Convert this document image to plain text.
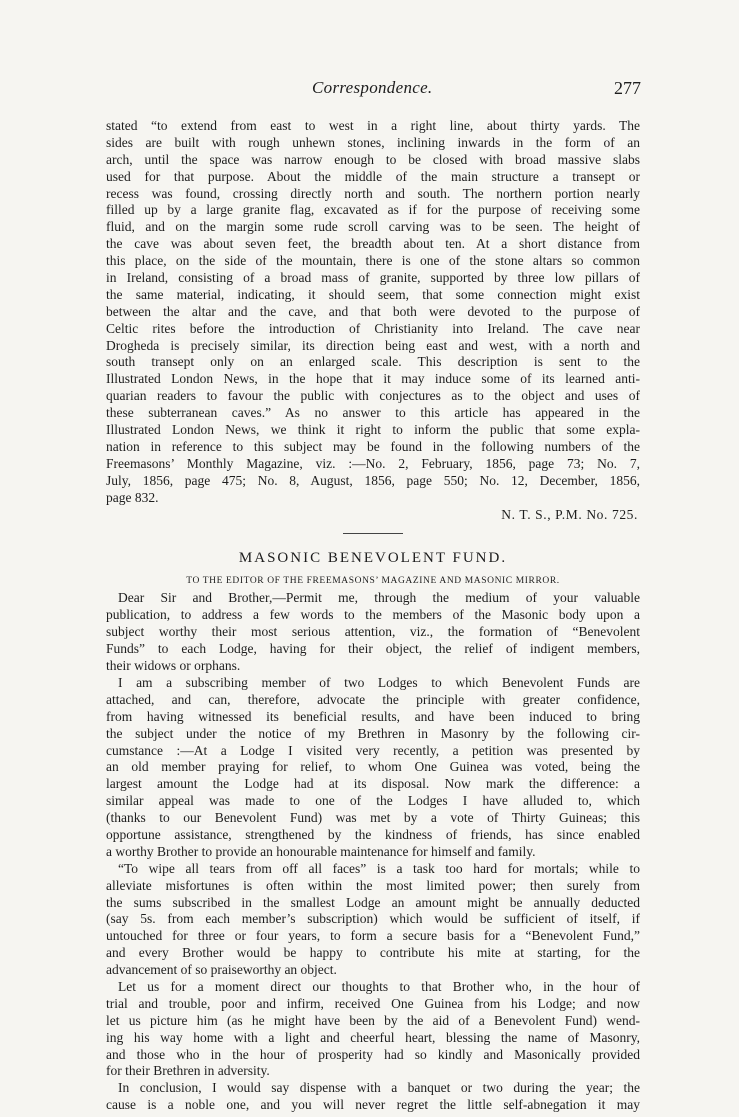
Correspondence.	277
stated “to extend from east to west in a right line, about thirty yards. The
sides are built with rough unhewn stones, inclining inwards in the form of an
arch, until the space was narrow enough to be closed with broad massive slabs
used for that purpose. About the middle of the main structure a transept or
recess was found, crossing directly north and south. The northern portion nearly
filled up by a large granite flag, excavated as if for the purpose of receiving some
fluid, and on the margin some rude scroll carving was to be seen. The height of
the cave was about seven feet, the breadth about ten. At a short distance from
this place, on the side of the mountain, there is one of the stone altars so common
in Ireland, consisting of a broad mass of granite, supported by three low pillars of
the same material, indicating, it should seem, that some connection might exist
between the altar and the cave, and that both were devoted to the purpose of
Celtic rites before the introduction of Christianity into Ireland. The cave near
Drogheda is precisely similar, its direction being east and west, with a north and
south transept only on an enlarged scale. This description is sent to the
Illustrated London News, in the hope that it may induce some of its learned anti-
quarian readers to favour the public with conjectures as to the object and uses of
these subterranean caves.” As no answer to this article has appeared in the
Illustrated London News, we think it right to inform the public that some expla-
nation in reference to this subject may be found in the following numbers of the
Freemasons’ Monthly Magazine, viz. :—No. 2, February, 1856, page 73; No. 7,
July, 1856, page 475; No. 8, August, 1856, page 550; No. 12, December, 1856,
page 832.
N. T. S., P.M. No. 725.
MASONIC BENEVOLENT FUND.
TO THE EDITOR OF THE FREEMASONS’ MAGAZINE AND MASONIC MIRROR.
Dear Sir and Brother,—Permit me, through the medium of your valuable
publication, to address a few words to the members of the Masonic body upon a
subject worthy their most serious attention, viz., the formation of “Benevolent
Funds” to each Lodge, having for their object, the relief of indigent members,
their widows or orphans.
I am a subscribing member of two Lodges to which Benevolent Funds are
attached, and can, therefore, advocate the principle with greater confidence,
from having witnessed its beneficial results, and have been induced to bring
the subject under the notice of my Brethren in Masonry by the following cir-
cumstance :—At a Lodge I visited very recently, a petition was presented by
an old member praying for relief, to whom One Guinea was voted, being the
largest amount the Lodge had at its disposal. Now mark the difference: a
similar appeal was made to one of the Lodges I have alluded to, which
(thanks to our Benevolent Fund) was met by a vote of Thirty Guineas; this
opportune assistance, strengthened by the kindness of friends, has since enabled
a worthy Brother to provide an honourable maintenance for himself and family.
“To wipe all tears from off all faces” is a task too hard for mortals; while to
alleviate misfortunes is often within the most limited power; then surely from
the sums subscribed in the smallest Lodge an amount might be annually deducted
(say 5s. from each member’s subscription) which would be sufficient of itself, if
untouched for three or four years, to form a secure basis for a “Benevolent Fund,”
and every Brother would be happy to contribute his mite at starting, for the
advancement of so praiseworthy an object.
Let us for a moment direct our thoughts to that Brother who, in the hour of
trial and trouble, poor and infirm, received One Guinea from his Lodge; and now
let us picture him (as he might have been by the aid of a Benevolent Fund) wend-
ing his way home with a light and cheerful heart, blessing the name of Masonry,
and those who in the hour of prosperity had so kindly and Masonically provided
for their Brethren in adversity.
In conclusion, I would say dispense with a banquet or two during the year; the
cause is a noble one, and you will never regret the little self-abnegation it may
